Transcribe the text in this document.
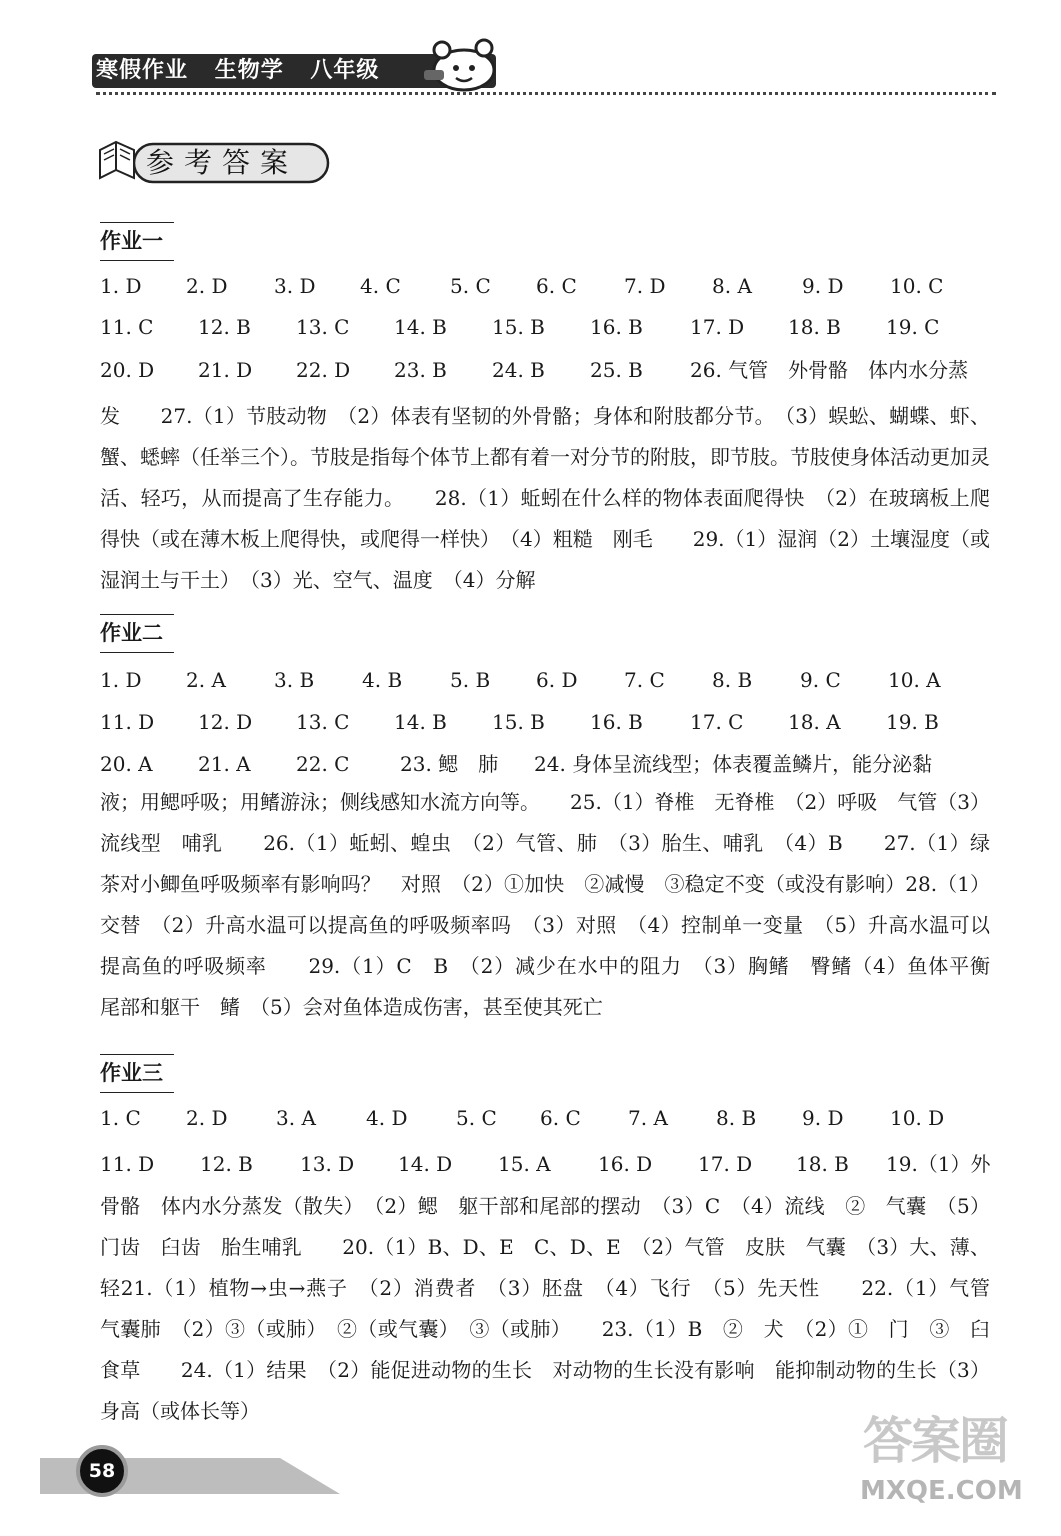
寒假作业 生物学 八年级
参考答案
作业一
1. D 2. D 3. D 4. C 5. C 6. C 7. D 8. A	9. D 10. C
11. C 12. B 13. C 14. B 15. B 16. B 17. D 18. B 19. C
20. D 21. D 22. D 23. B 24. B 25. B 26. 气管　外骨骼　体内水分蒸
发　　27.（1）节肢动物　（2）体表有坚韧的外骨骼；身体和附肢都分节。　（3）蜈蚣、蝴蝶、虾、蟹、蟋蟀（任举三个）。节肢是指每个体节上都有着一对分节的附肢，即节肢。节肢使身体活动更加灵活、轻巧，从而提高了生存能力。　　28.（1）蚯蚓在什么样的物体表面爬得快　（2）在玻璃板上爬得快（或在薄木板上爬得快，或爬得一样快）　（4）粗糙　刚毛　　29.（1）湿润（2）土壤湿度（或湿润土与干土）　（3）光、空气、温度　（4）分解
作业二
1. D 2. A 3. B 4. B 5. B 6. D 7. C 8. B 9. C 10. A
11. D 12. D 13. C 14. B 15. B 16. B 17. C 18. A 19. B
20. A 21. A 22. C	23. 鳃　肺 24. 身体呈流线型；体表覆盖鳞片，能分泌黏
液；用鳃呼吸；用鳍游泳；侧线感知水流方向等。　　25.（1）脊椎　无脊椎　（2）呼吸　气管（3）流线型　哺乳　　26.（1）蚯蚓、蝗虫　（2）气管、肺　（3）胎生、哺乳　（4）B　　27.（1）绿茶对小鲫鱼呼吸频率有影响吗？　对照　（2）①加快　②减慢　③稳定不变（或没有影响）28.（1）交替　（2）升高水温可以提高鱼的呼吸频率吗　（3）对照　（4）控制单一变量　（5）升高水温可以提高鱼的呼吸频率　　29.（1）C　B　（2）减少在水中的阻力　（3）胸鳍　臀鳍（4）鱼体平衡　尾部和躯干　鳍　（5）会对鱼体造成伤害，甚至使其死亡
作业三
1. C 2. D 3. A	4. D 5. C 6. C 7. A 8. B 9. D 10. D
11. D 12. B 13. D 14. D 15. A 16. D 17. D 18. B 19.（1）外
骨骼　体内水分蒸发（散失）　（2）鳃　躯干部和尾部的摆动　（3）C　（4）流线　②　气囊　（5）门齿　臼齿　胎生哺乳　　20.（1）B、D、E　C、D、E　（2）气管　皮肤　气囊　（3）大、薄、轻21.（1）植物→虫→燕子　（2）消费者　（3）胚盘　（4）飞行　（5）先天性　　22.（1）气管　气囊肺　（2）③（或肺）　②（或气囊）　③（或肺）　　23.（1）B　②　犬　（2）①　门　③　臼　食草　　24.（1）结果　（2）能促进动物的生长　对动物的生长没有影响　能抑制动物的生长（3）身高（或体长等）
58
答案圈
MXQE.COM
